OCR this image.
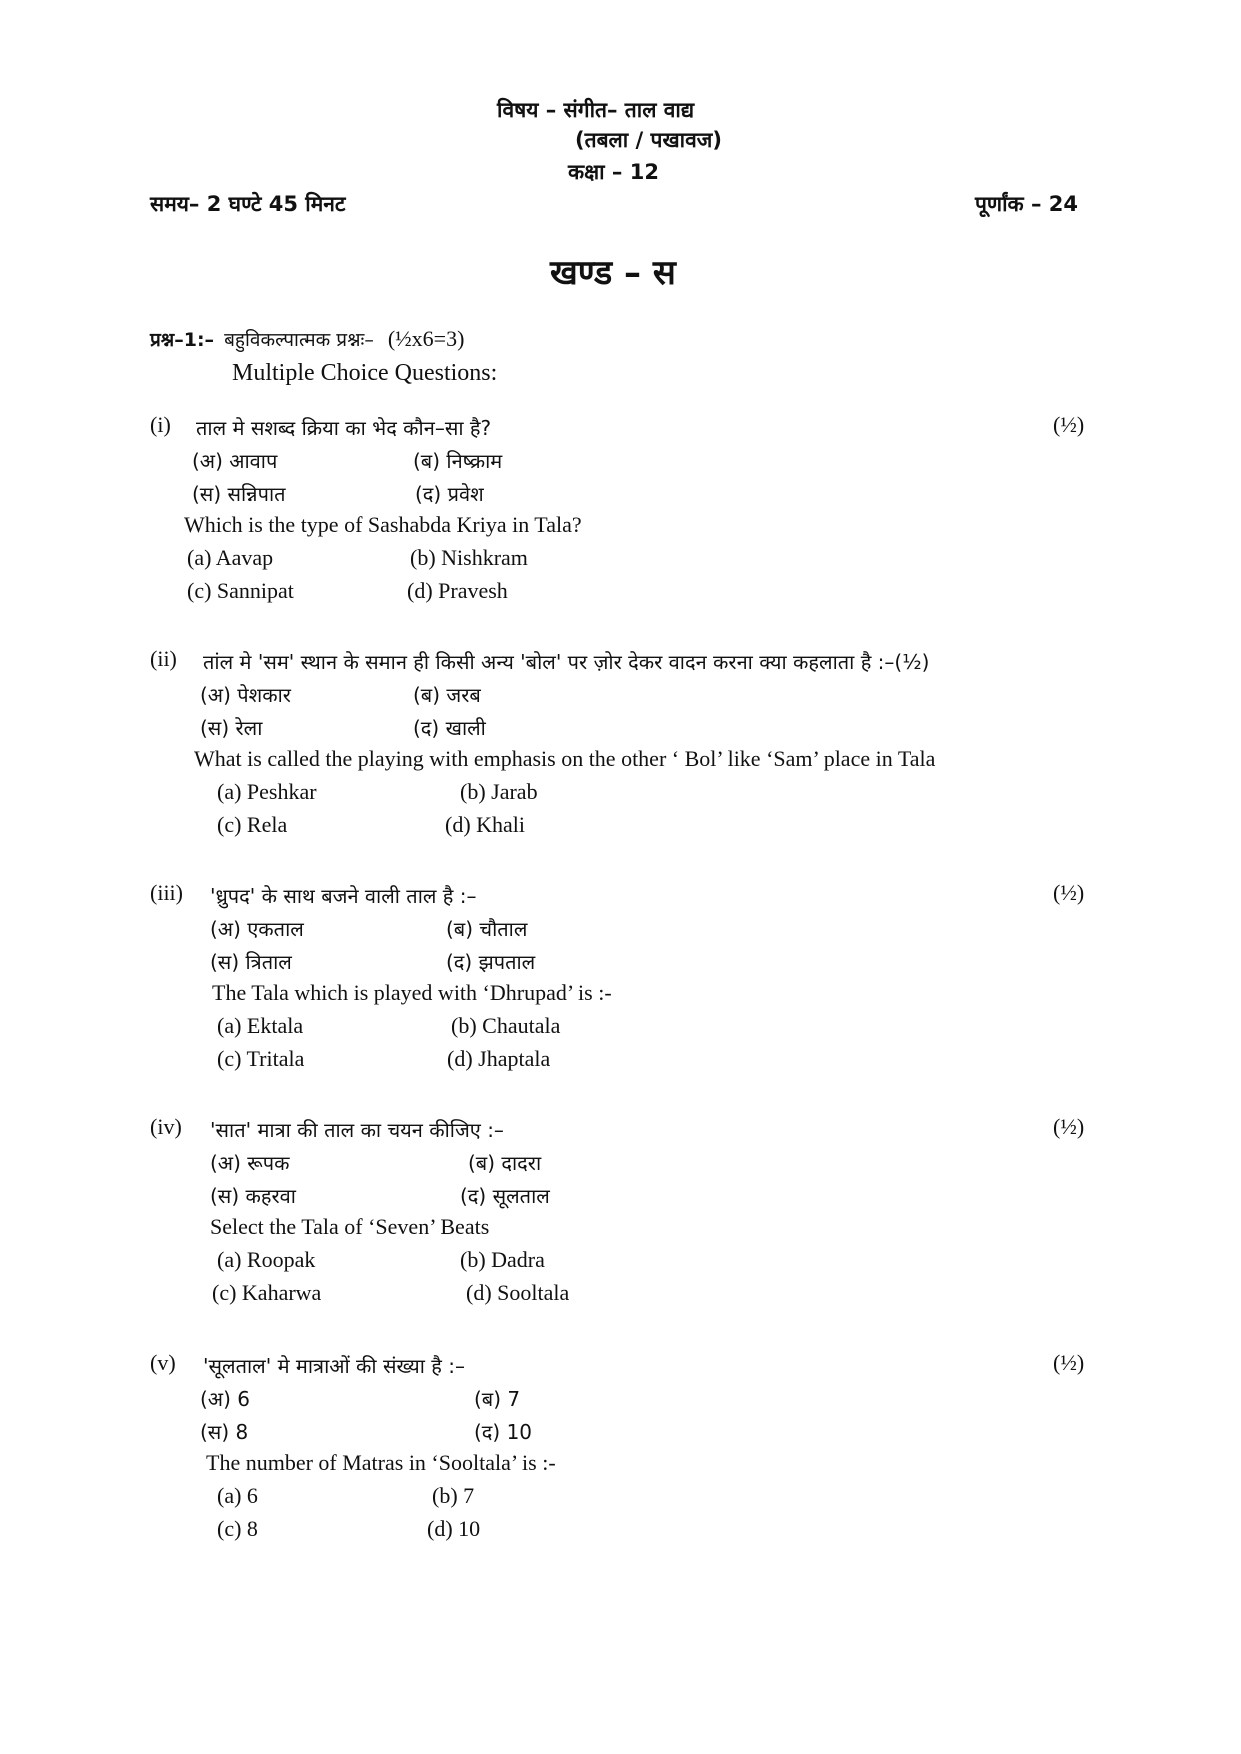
विषय – संगीत– ताल वाद्य
(तबला / पखावज)
कक्षा – 12
समय– 2 घण्टे 45 मिनट	पूर्णांक – 24
खण्ड – स
प्रश्न–1:– बहुविकल्पात्मक प्रश्नः– (½x6=3)
Multiple Choice Questions:
(i) ताल मे सशब्द क्रिया का भेद कौन–सा है?	(½)
(अ) आवाप	(ब) निष्क्राम
(स) सन्निपात	(द) प्रवेश
Which is the type of Sashabda Kriya in Tala?
(a) Aavap	(b) Nishkram
(c) Sannipat	(d) Pravesh
(ii) तांल मे 'सम' स्थान के समान ही किसी अन्य 'बोल' पर ज़ोर देकर वादन करना क्या कहलाता है :–(½)
(अ) पेशकार	(ब) जरब
(स) रेला	(द) खाली
What is called the playing with emphasis on the other ‘ Bol’ like ‘Sam’ place in Tala
(a) Peshkar	(b) Jarab
(c) Rela	(d) Khali
(iii) 'ध्रुपद' के साथ बजने वाली ताल है :–	(½)
(अ) एकताल	(ब) चौताल
(स) त्रिताल	(द) झपताल
The Tala which is played with ‘Dhrupad’ is :-
(a) Ektala	(b) Chautala
(c) Tritala	(d) Jhaptala
(iv) 'सात' मात्रा की ताल का चयन कीजिए :–	(½)
(अ) रूपक	(ब) दादरा
(स) कहरवा	(द) सूलताल
Select the Tala of ‘Seven’ Beats
(a) Roopak	(b) Dadra
(c) Kaharwa	(d) Sooltala
(v) 'सूलताल' मे मात्राओं की संख्या है :–	(½)
(अ) 6	(ब) 7
(स) 8	(द) 10
The number of Matras in ‘Sooltala’ is :-
(a) 6	(b) 7
(c) 8	(d) 10
